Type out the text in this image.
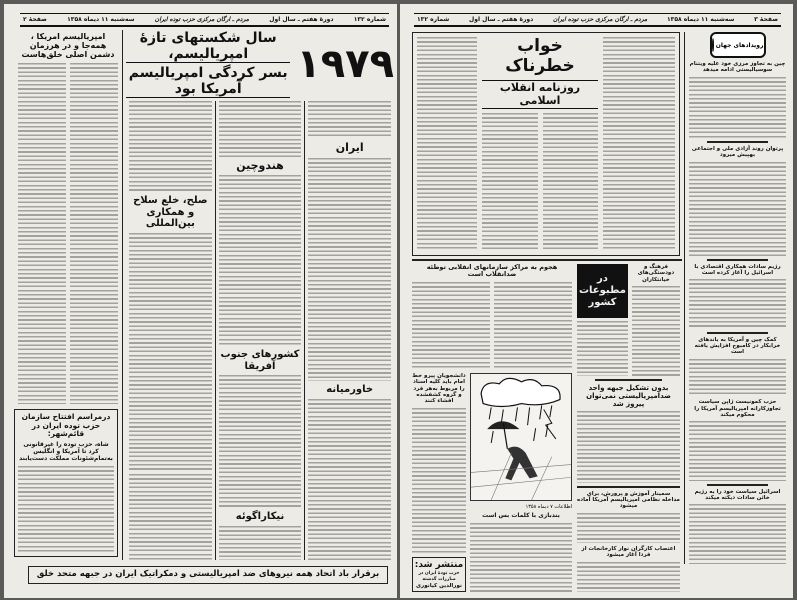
شماره ۱۳۲
دورهٔ هفتم ـ سال اول
مردم ـ ارگان مرکزی حزب توده ایران
سه‌شنبه ۱۱ دیماه ۱۳۵۸
صفحهٔ ۲
امپریالیسم امریکا ، همه‌جا و در هرزمان دشمن اصلی خلق‌هاست
درمراسم افتتاح سازمان حزب توده ایران در قائم‌شهر:
شاه، حزب توده را غیرقانونی کرد تا آمریکا و انگلیس به‌تمام‌شئونات مملکت دست‌یابند
سال شکستهای تازهٔ امپریالیسم،
بسر کردگی امپریالیسم آمریکا بود
۱۹۷۹
صلح، خلع سلاح و همکاری بین‌المللی
هندوچین
کشورهای جنوب آفریقا
نیکاراگوئه
ایران
خاورمیانه
برقرار باد اتحاد همه نیروهای ضد امپریالیستی و دمکراتیک ایران در جبهه متحد خلق
صفحهٔ ۳
سه‌شنبه ۱۱ دیماه ۱۳۵۸
مردم ـ ارگان مرکزی حزب توده ایران
دورهٔ هفتم ـ سال اول
شماره ۱۳۲
خواب خطرناک
روزنامه انقلاب اسلامی
رویدادهای جهان
چین به تجاوز مرزی خود علیه ویتنام سوسیالیستی ادامه میدهد
پرتوان روند آزادی ملی و اجتماعی بهپیش میرود
رژیم سادات همکاری اقتصادی با اسرائیل را آغاز کرده است
کمک چین و آمریکا به باندهای خرابکار در کامبوج افزایش یافته است
حزب کمونیست ژاپن سیاست تجاوزکارانه امپریالیسم آمریکا را محکوم میکند
اسرائیل سیاست خود را به رژیم خائن سادات دیکته میکند
هجوم به مراکز سازمانهای انقلابی توطئه ضدانقلاب است
دانشجویان پیرو خط امام باید کلیه اسناد را مربوط به‌هر فرد و گروه کشفشده افشاء کنند
منتشر شد:
حزب تودهٔ ایران در مبارزات گذشته
نورالدین کیانوری
اطلاعات ۷ دیماه ۱۳۵۸
بندبازی با کلمات بس است
در مطبوعات کشور
فرهنگ و دودستگی‌های خیانتکاران
بدون تشکیل جبهه واحد ضدامپریالیستی نمی‌توان پیروز شد
سمینار آموزش و پرورش، برای مداخله نظامی امپریالیسم آمریکا آماده میشود
اعتصاب کارگران نوار کارخانجات از فردا آغاز میشود
